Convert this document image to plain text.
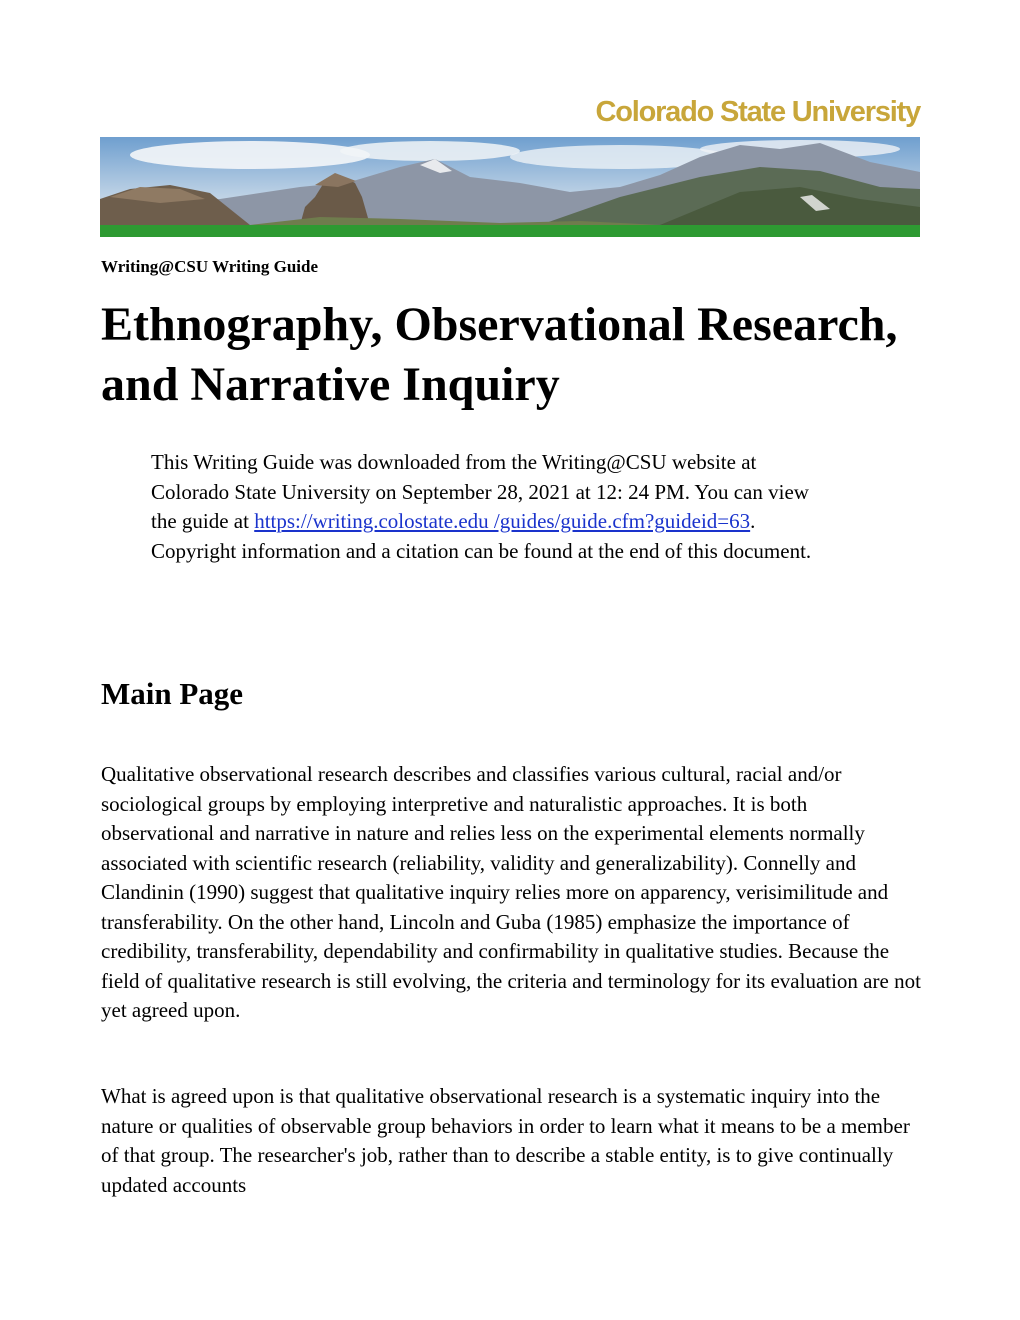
Colorado State University
Writing@CSU Writing Guide
Ethnography, Observational Research, and Narrative Inquiry
This Writing Guide was downloaded from the Writing@CSU website at Colorado State University on September 28, 2021 at 12: 24 PM. You can view the guide at https://writing.colostate.edu /guides/guide.cfm?guideid=63. Copyright information and a citation can be found at the end of this document.
Main Page

Qualitative observational research describes and classifies various cultural, racial and/or sociological groups by employing interpretive and naturalistic approaches. It is both observational and narrative in nature and relies less on the experimental elements normally associated with scientific research (reliability, validity and generalizability). Connelly and Clandinin (1990) suggest that qualitative inquiry relies more on apparency, verisimilitude and transferability. On the other hand, Lincoln and Guba (1985) emphasize the importance of credibility, transferability, dependability and confirmability in qualitative studies. Because the field of qualitative research is still evolving, the criteria and terminology for its evaluation are not yet agreed upon.

What is agreed upon is that qualitative observational research is a systematic inquiry into the nature or qualities of observable group behaviors in order to learn what it means to be a member of that group. The researcher's job, rather than to describe a stable entity, is to give continually updated accounts
